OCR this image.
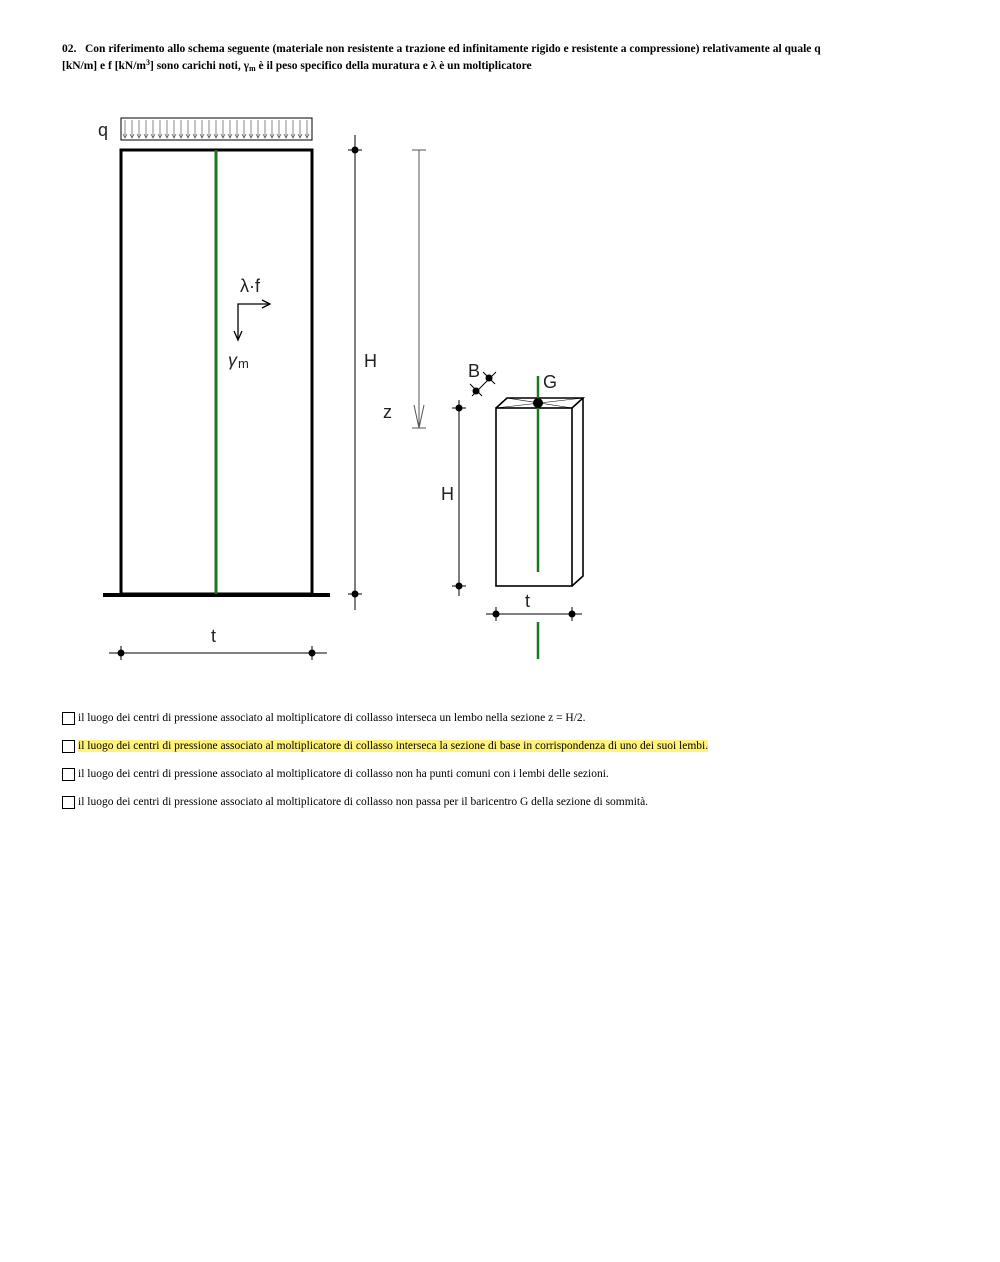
02. Con riferimento allo schema seguente (materiale non resistente a trazione ed infinitamente rigido e resistente a compressione) relativamente al quale q
[kN/m] e f $[kN/m^3]$ sono carichi noti, $\gamma_m$ è il peso specifico della muratura e λ è un moltiplicatore
q
λ·f
γ m	H
z
B
G
H
t
t
il luogo dei centri di pressione associato al moltiplicatore di collasso interseca un lembo nella sezione z = H/2.
il luogo dei centri di pressione associato al moltiplicatore di collasso interseca la sezione di base in corrispondenza di uno dei suoi lembi.
il luogo dei centri di pressione associato al moltiplicatore di collasso non ha punti comuni con i lembi delle sezioni.
il luogo dei centri di pressione associato al moltiplicatore di collasso non passa per il baricentro G della sezione di sommità.
